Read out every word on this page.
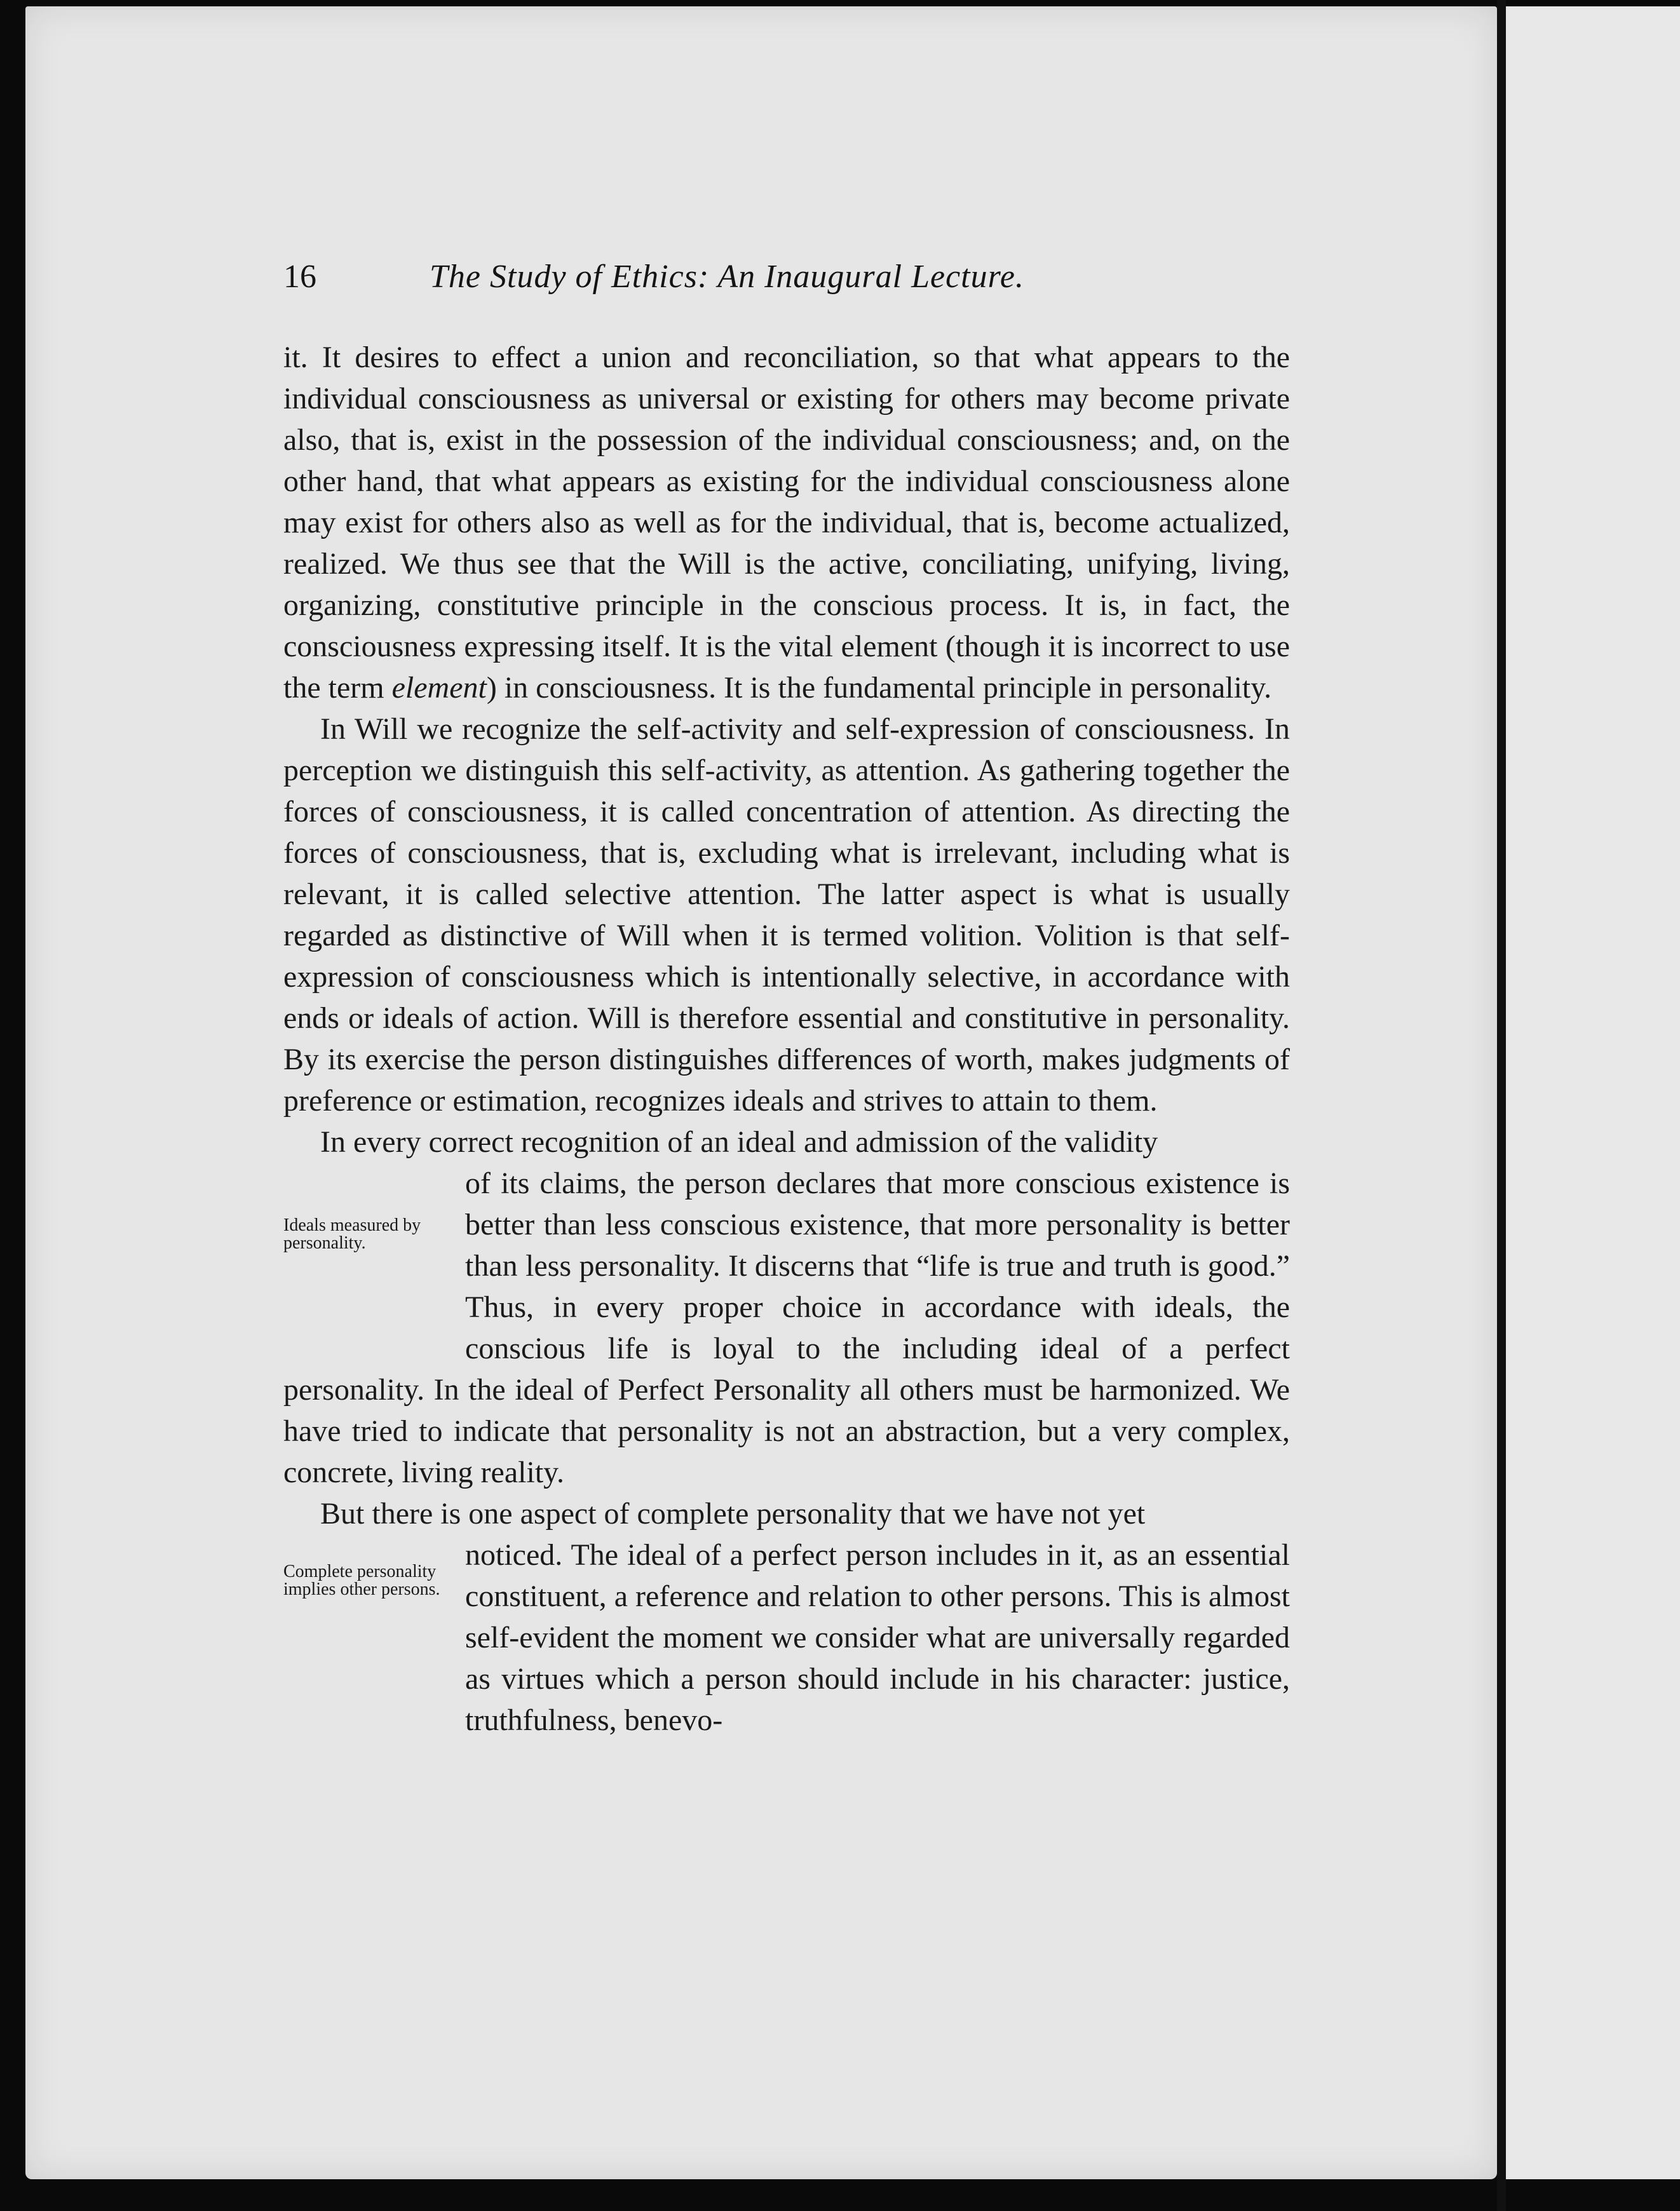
16	The Study of Ethics: An Inaugural Lecture.

it. It desires to effect a union and reconciliation, so that what appears to the individual consciousness as universal or existing for others may become private also, that is, exist in the possession of the individual consciousness; and, on the other hand, that what appears as existing for the individual consciousness alone may exist for others also as well as for the individual, that is, become actualized, realized. We thus see that the Will is the active, conciliating, unifying, living, organizing, constitutive principle in the conscious process. It is, in fact, the consciousness expressing itself. It is the vital element (though it is incorrect to use the term element) in consciousness. It is the fundamental principle in personality.

In Will we recognize the self-activity and self-expression of consciousness. In perception we distinguish this self-activity, as attention. As gathering together the forces of consciousness, it is called concentration of attention. As directing the forces of consciousness, that is, excluding what is irrelevant, including what is relevant, it is called selective attention. The latter aspect is what is usually regarded as distinctive of Will when it is termed volition. Volition is that self-expression of consciousness which is intentionally selective, in accordance with ends or ideals of action. Will is therefore essential and constitutive in personality. By its exercise the person distinguishes differences of worth, makes judgments of preference or estimation, recognizes ideals and strives to attain to them.

In every correct recognition of an ideal and admission of the validity

Ideals measured by personality.

of its claims, the person declares that more conscious existence is better than less conscious existence, that more personality is better than less personality. It discerns that “life is true and truth is good.” Thus, in every proper choice in accordance with ideals, the conscious life is loyal to the including ideal of a perfect personality. In the ideal of Perfect Personality all others must be harmonized. We have tried to indicate that personality is not an abstraction, but a very complex, concrete, living reality.

But there is one aspect of complete personality that we have not yet

Complete personality implies other persons.

noticed. The ideal of a perfect person includes in it, as an essential constituent, a reference and relation to other persons. This is almost self-evident the moment we consider what are universally regarded as virtues which a person should include in his character: justice, truthfulness, benevo-
